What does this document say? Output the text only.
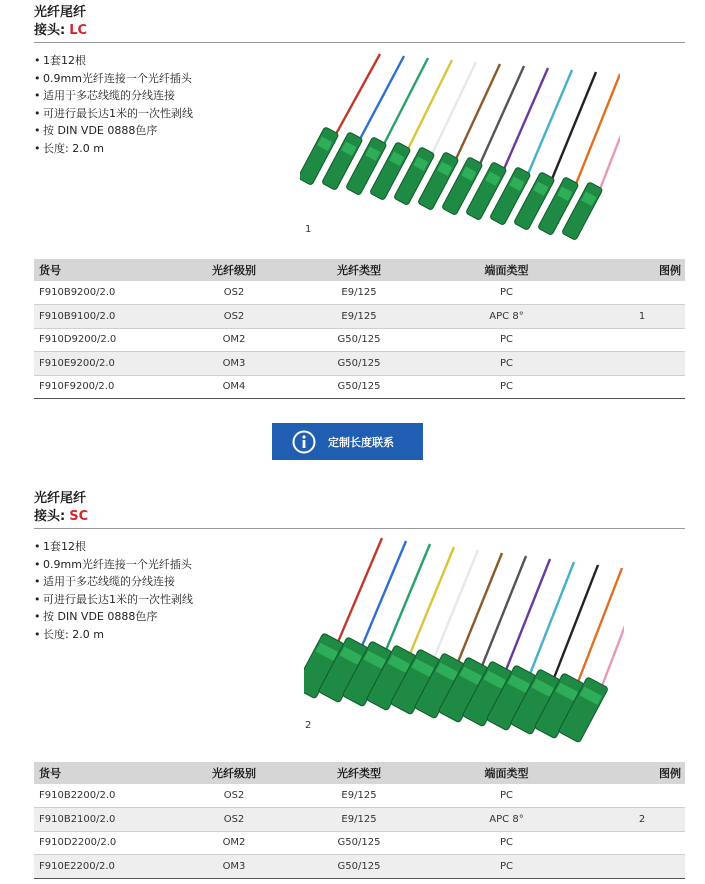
光纤尾纤
接头: LC
• 1套12根
• 0.9mm光纤连接一个光纤插头
• 适用于多芯线缆的分线连接
• 可进行最长达1米的一次性剥线
• 按 DIN VDE 0888色序
• 长度: 2.0 m
1
货号	光纤级别	光纤类型	端面类型	图例
F910B9200/2.0	OS2	E9/125	PC	
F910B9100/2.0	OS2	E9/125	APC 8°	1
F910D9200/2.0	OM2	G50/125	PC	
F910E9200/2.0	OM3	G50/125	PC	
F910F9200/2.0	OM4	G50/125	PC	
定制长度联系
光纤尾纤
接头: SC
• 1套12根
• 0.9mm光纤连接一个光纤插头
• 适用于多芯线缆的分线连接
• 可进行最长达1米的一次性剥线
• 按 DIN VDE 0888色序
• 长度: 2.0 m
2
货号	光纤级别	光纤类型	端面类型	图例
F910B2200/2.0	OS2	E9/125	PC	
F910B2100/2.0	OS2	E9/125	APC 8°	2
F910D2200/2.0	OM2	G50/125	PC	
F910E2200/2.0	OM3	G50/125	PC	
